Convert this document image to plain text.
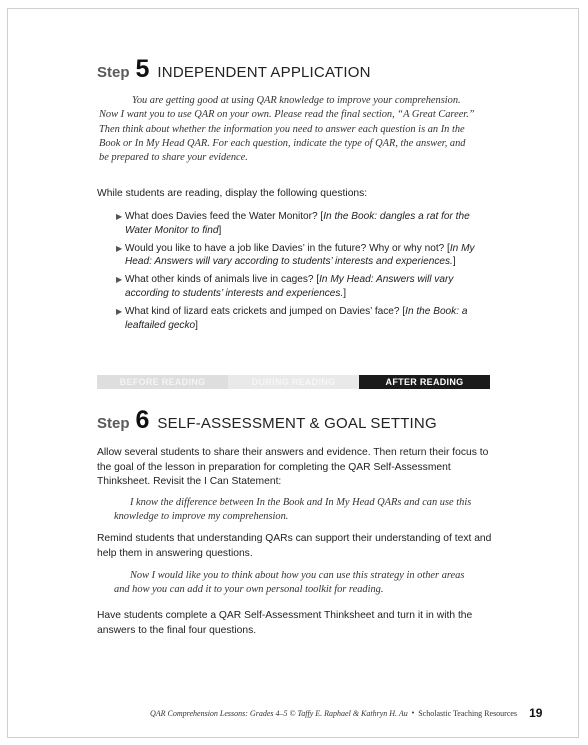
Step 5 INDEPENDENT APPLICATION

You are getting good at using QAR knowledge to improve your comprehension. Now I want you to use QAR on your own. Please read the final section, “A Great Career.” Then think about whether the information you need to answer each question is an In the Book or In My Head QAR. For each question, indicate the type of QAR, the answer, and be prepared to share your evidence.

While students are reading, display the following questions:

▶ What does Davies feed the Water Monitor? [In the Book: dangles a rat for the Water Monitor to find]
▶ Would you like to have a job like Davies’ in the future? Why or why not? [In My Head: Answers will vary according to students’ interests and experiences.]
▶ What other kinds of animals live in cages? [In My Head: Answers will vary according to students’ interests and experiences.]
▶ What kind of lizard eats crickets and jumped on Davies’ face? [In the Book: a leaftailed gecko]
BEFORE READING	DURING READING	AFTER READING
Step 6 SELF-ASSESSMENT & GOAL SETTING

Allow several students to share their answers and evidence. Then return their focus to the goal of the lesson in preparation for completing the QAR Self-Assessment Thinksheet. Revisit the I Can Statement:

I know the difference between In the Book and In My Head QARs and can use this knowledge to improve my comprehension.

Remind students that understanding QARs can support their understanding of text and help them in answering questions.

Now I would like you to think about how you can use this strategy in other areas and how you can add it to your own personal toolkit for reading.

Have students complete a QAR Self-Assessment Thinksheet and turn it in with the answers to the final four questions.

QAR Comprehension Lessons: Grades 4–5 © Taffy E. Raphael & Kathryn H. Au • Scholastic Teaching Resources 19
